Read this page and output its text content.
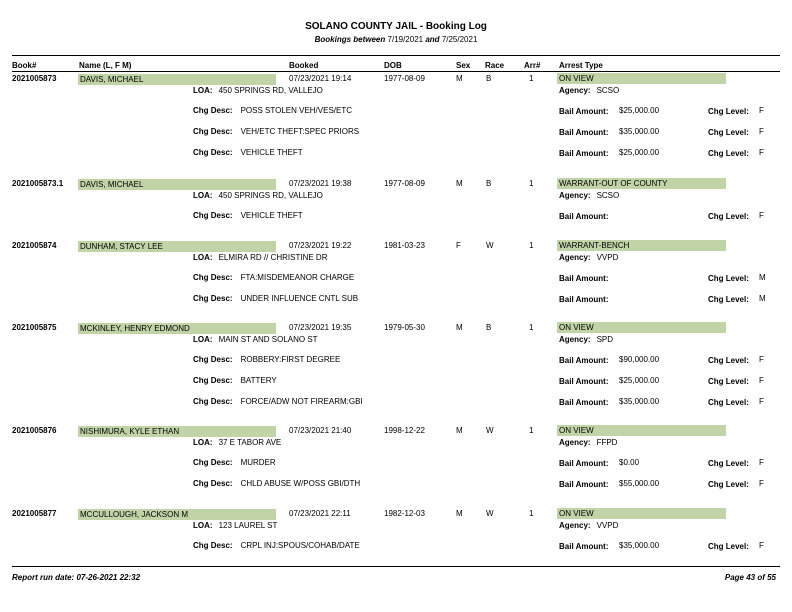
SOLANO COUNTY JAIL - Booking Log
Bookings between 7/19/2021 and 7/25/2021
Book#	Name (L, F M)	Booked	DOB	Sex Race Arr# Arrest Type
2021005873	DAVIS, MICHAEL	07/23/2021 19:14	1977-08-09	M	B	1	ON VIEW
LOA: 450 SPRINGS RD, VALLEJO	Agency: SCSO
Chg Desc: POSS STOLEN VEH/VES/ETC	Bail Amount: $25,000.00	Chg Level: F
Chg Desc: VEH/ETC THEFT:SPEC PRIORS	Bail Amount: $35,000.00	Chg Level: F
Chg Desc: VEHICLE THEFT	Bail Amount: $25,000.00	Chg Level: F
2021005873.1 DAVIS, MICHAEL	07/23/2021 19:38	1977-08-09	M	B	1	WARRANT-OUT OF COUNTY
LOA: 450 SPRINGS RD, VALLEJO	Agency: SCSO
Chg Desc: VEHICLE THEFT	Bail Amount:	Chg Level: F
2021005874	DUNHAM, STACY LEE	07/23/2021 19:22	1981-03-23	F	W	1	WARRANT-BENCH
LOA: ELMIRA RD // CHRISTINE DR	Agency: VVPD
Chg Desc: FTA:MISDEMEANOR CHARGE	Bail Amount:	Chg Level: M
Chg Desc: UNDER INFLUENCE CNTL SUB	Bail Amount:	Chg Level: M
2021005875	MCKINLEY, HENRY EDMOND	07/23/2021 19:35	1979-05-30	M	B	1	ON VIEW
LOA: MAIN ST AND SOLANO ST	Agency: SPD
Chg Desc: ROBBERY:FIRST DEGREE	Bail Amount: $90,000.00	Chg Level: F
Chg Desc: BATTERY	Bail Amount: $25,000.00	Chg Level: F
Chg Desc: FORCE/ADW NOT FIREARM:GBI	Bail Amount: $35,000.00	Chg Level: F
2021005876	NISHIMURA, KYLE ETHAN	07/23/2021 21:40	1998-12-22	M	W	1	ON VIEW
LOA: 37 E TABOR AVE	Agency: FFPD
Chg Desc: MURDER	Bail Amount: $0.00	Chg Level: F
Chg Desc: CHLD ABUSE W/POSS GBI/DTH	Bail Amount: $55,000.00	Chg Level: F
2021005877	MCCULLOUGH, JACKSON M	07/23/2021 22:11	1982-12-03	M	W	1	ON VIEW
LOA: 123 LAUREL ST	Agency: VVPD
Chg Desc: CRPL INJ:SPOUS/COHAB/DATE	Bail Amount: $35,000.00	Chg Level: F
Report run date: 07-26-2021 22:32	Page 43 of 55
